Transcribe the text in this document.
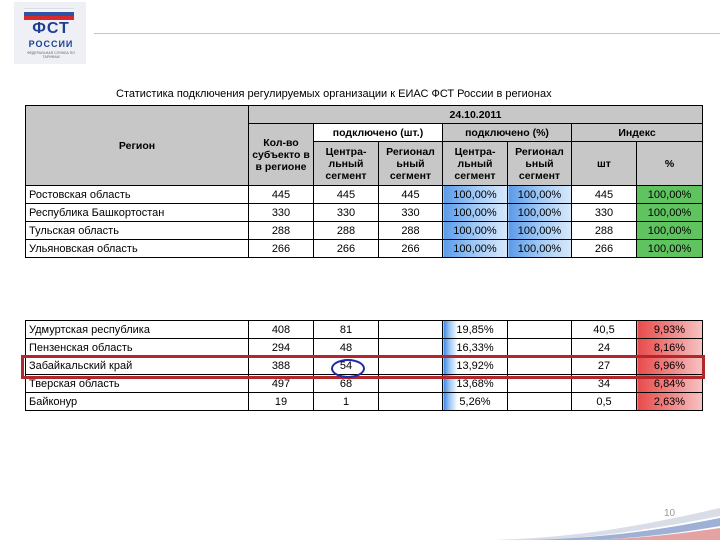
ФСТ
РОССИИ
ФЕДЕРАЛЬНАЯ СЛУЖБА ПО ТАРИФАМ
Статистика подключения регулируемых организации к ЕИАС ФСТ России в регионах
Регион	24.10.2011						
	Кол-во субъекто в в регионе	подключено (шт.)		подключено (%)		Индекс	
		Центра-льный сегмент	Регионал ьный сегмент	Центра-льный сегмент	Регионал ьный сегмент	шт	%
Ростовская область	445	445	445	100,00%	100,00%	445	100,00%
Республика Башкортостан	330	330	330	100,00%	100,00%	330	100,00%
Тульская область	288	288	288	100,00%	100,00%	288	100,00%
Ульяновская область	266	266	266	100,00%	100,00%	266	100,00%
Удмуртская республика	408	81		19,85%		40,5	9,93%
Пензенская область	294	48		16,33%		24	8,16%
Забайкальский край	388	54		13,92%		27	6,96%
Тверская область	497	68		13,68%		34	6,84%
Байконур	19	1		5,26%		0,5	2,63%
10
